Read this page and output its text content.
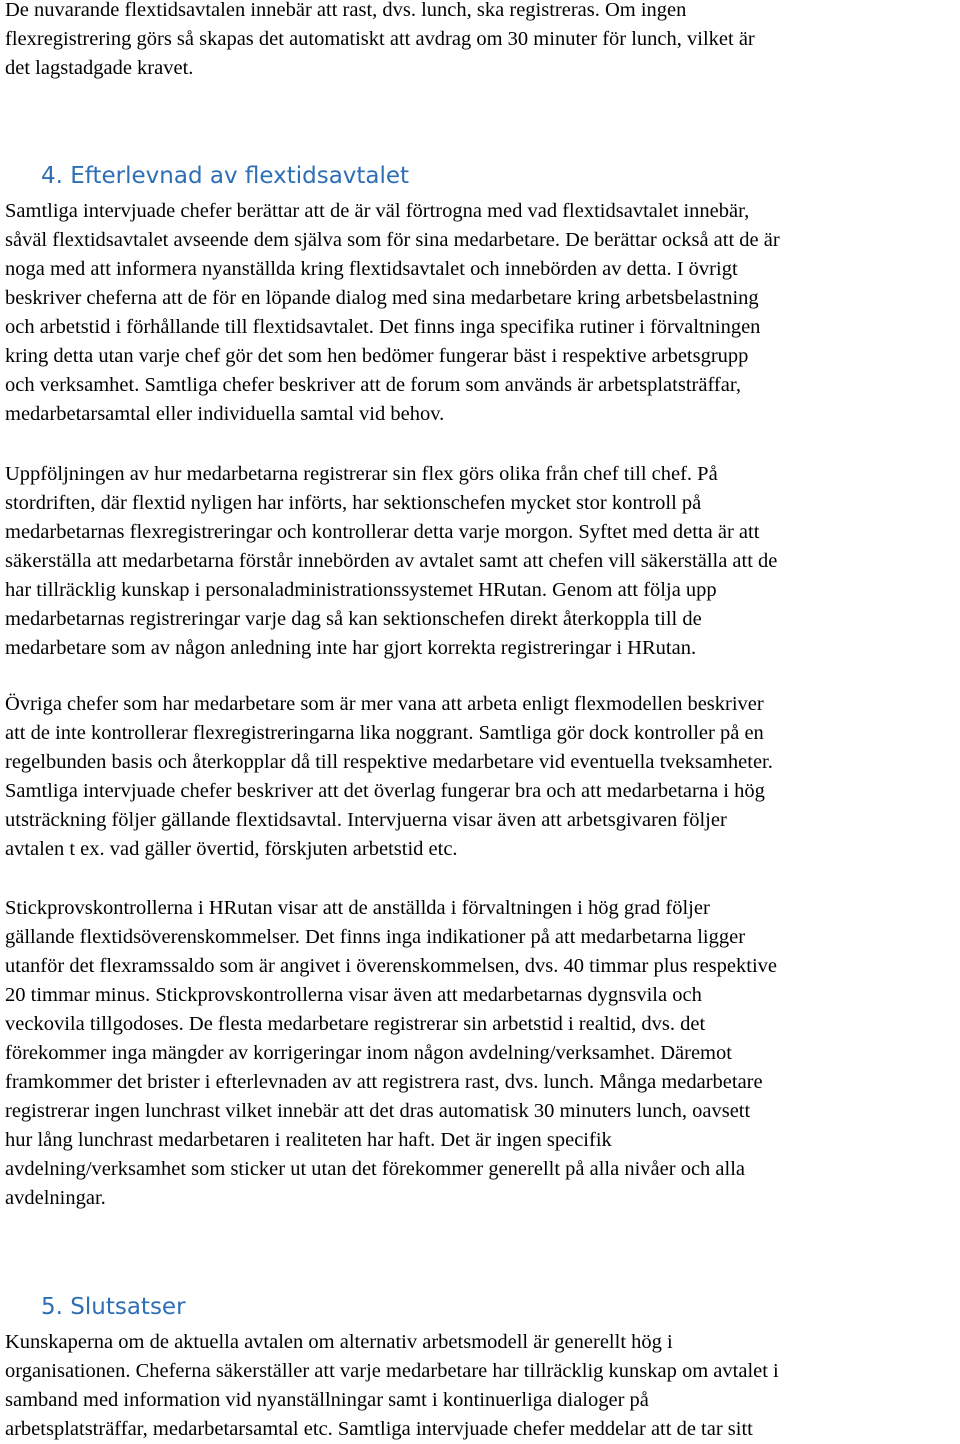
De nuvarande flextidsavtalen innebär att rast, dvs. lunch, ska registreras. Om ingen
flexregistrering görs så skapas det automatiskt att avdrag om 30 minuter för lunch, vilket är
det lagstadgade kravet.

4. Efterlevnad av flextidsavtalet

Samtliga intervjuade chefer berättar att de är väl förtrogna med vad flextidsavtalet innebär,
såväl flextidsavtalet avseende dem själva som för sina medarbetare. De berättar också att de är
noga med att informera nyanställda kring flextidsavtalet och innebörden av detta. I övrigt
beskriver cheferna att de för en löpande dialog med sina medarbetare kring arbetsbelastning
och arbetstid i förhållande till flextidsavtalet. Det finns inga specifika rutiner i förvaltningen
kring detta utan varje chef gör det som hen bedömer fungerar bäst i respektive arbetsgrupp
och verksamhet. Samtliga chefer beskriver att de forum som används är arbetsplatsträffar,
medarbetarsamtal eller individuella samtal vid behov.

Uppföljningen av hur medarbetarna registrerar sin flex görs olika från chef till chef. På
stordriften, där flextid nyligen har införts, har sektionschefen mycket stor kontroll på
medarbetarnas flexregistreringar och kontrollerar detta varje morgon. Syftet med detta är att
säkerställa att medarbetarna förstår innebörden av avtalet samt att chefen vill säkerställa att de
har tillräcklig kunskap i personaladministrationssystemet HRutan. Genom att följa upp
medarbetarnas registreringar varje dag så kan sektionschefen direkt återkoppla till de
medarbetare som av någon anledning inte har gjort korrekta registreringar i HRutan.

Övriga chefer som har medarbetare som är mer vana att arbeta enligt flexmodellen beskriver
att de inte kontrollerar flexregistreringarna lika noggrant. Samtliga gör dock kontroller på en
regelbunden basis och återkopplar då till respektive medarbetare vid eventuella tveksamheter.
Samtliga intervjuade chefer beskriver att det överlag fungerar bra och att medarbetarna i hög
utsträckning följer gällande flextidsavtal. Intervjuerna visar även att arbetsgivaren följer
avtalen t ex. vad gäller övertid, förskjuten arbetstid etc.

Stickprovskontrollerna i HRutan visar att de anställda i förvaltningen i hög grad följer
gällande flextidsöverenskommelser. Det finns inga indikationer på att medarbetarna ligger
utanför det flexramssaldo som är angivet i överenskommelsen, dvs. 40 timmar plus respektive
20 timmar minus. Stickprovskontrollerna visar även att medarbetarnas dygnsvila och
veckovila tillgodoses. De flesta medarbetare registrerar sin arbetstid i realtid, dvs. det
förekommer inga mängder av korrigeringar inom någon avdelning/verksamhet. Däremot
framkommer det brister i efterlevnaden av att registrera rast, dvs. lunch. Många medarbetare
registrerar ingen lunchrast vilket innebär att det dras automatisk 30 minuters lunch, oavsett
hur lång lunchrast medarbetaren i realiteten har haft. Det är ingen specifik
avdelning/verksamhet som sticker ut utan det förekommer generellt på alla nivåer och alla
avdelningar.

5. Slutsatser

Kunskaperna om de aktuella avtalen om alternativ arbetsmodell är generellt hög i
organisationen. Cheferna säkerställer att varje medarbetare har tillräcklig kunskap om avtalet i
samband med information vid nyanställningar samt i kontinuerliga dialoger på
arbetsplatsträffar, medarbetarsamtal etc. Samtliga intervjuade chefer meddelar att de tar sitt
